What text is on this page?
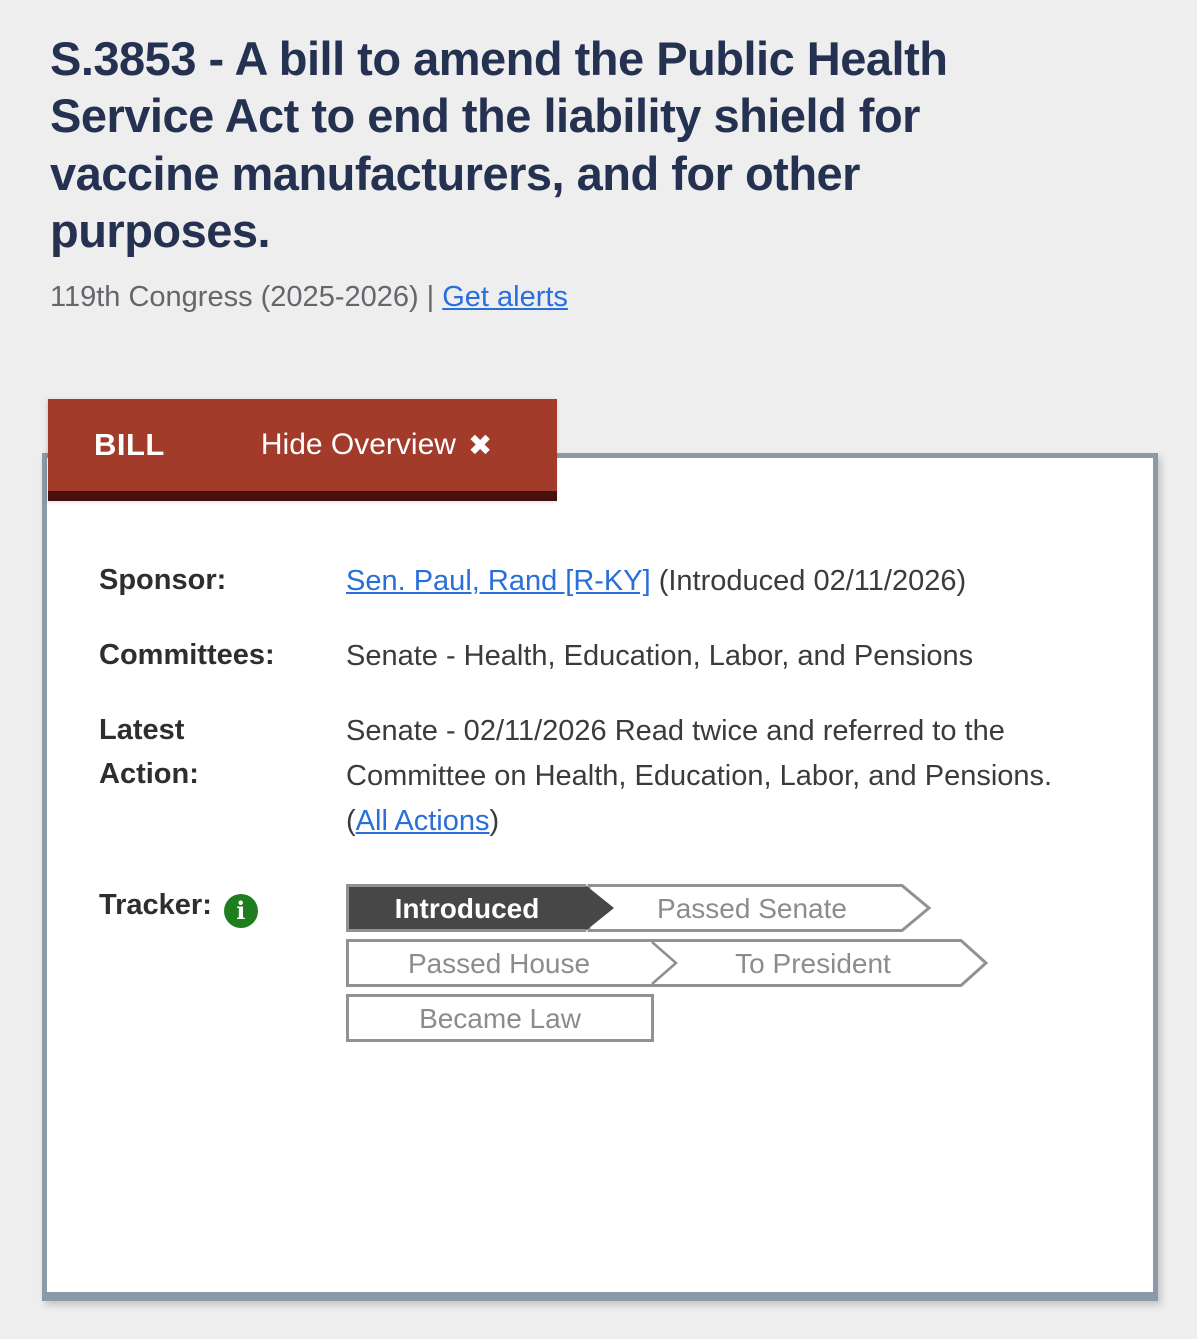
S.3853 - A bill to amend the Public Health Service Act to end the liability shield for vaccine manufacturers, and for other purposes.
119th Congress (2025-2026) | Get alerts
BILL	Hide Overview ✖
Sponsor:	Sen. Paul, Rand [R-KY] (Introduced 02/11/2026)
Committees:	Senate - Health, Education, Labor, and Pensions
Latest Action:
Senate - 02/11/2026 Read twice and referred to the Committee on Health, Education, Labor, and Pensions.  (All Actions)
Tracker: i	Introduced	Passed Senate
Passed House	To President
Became Law
